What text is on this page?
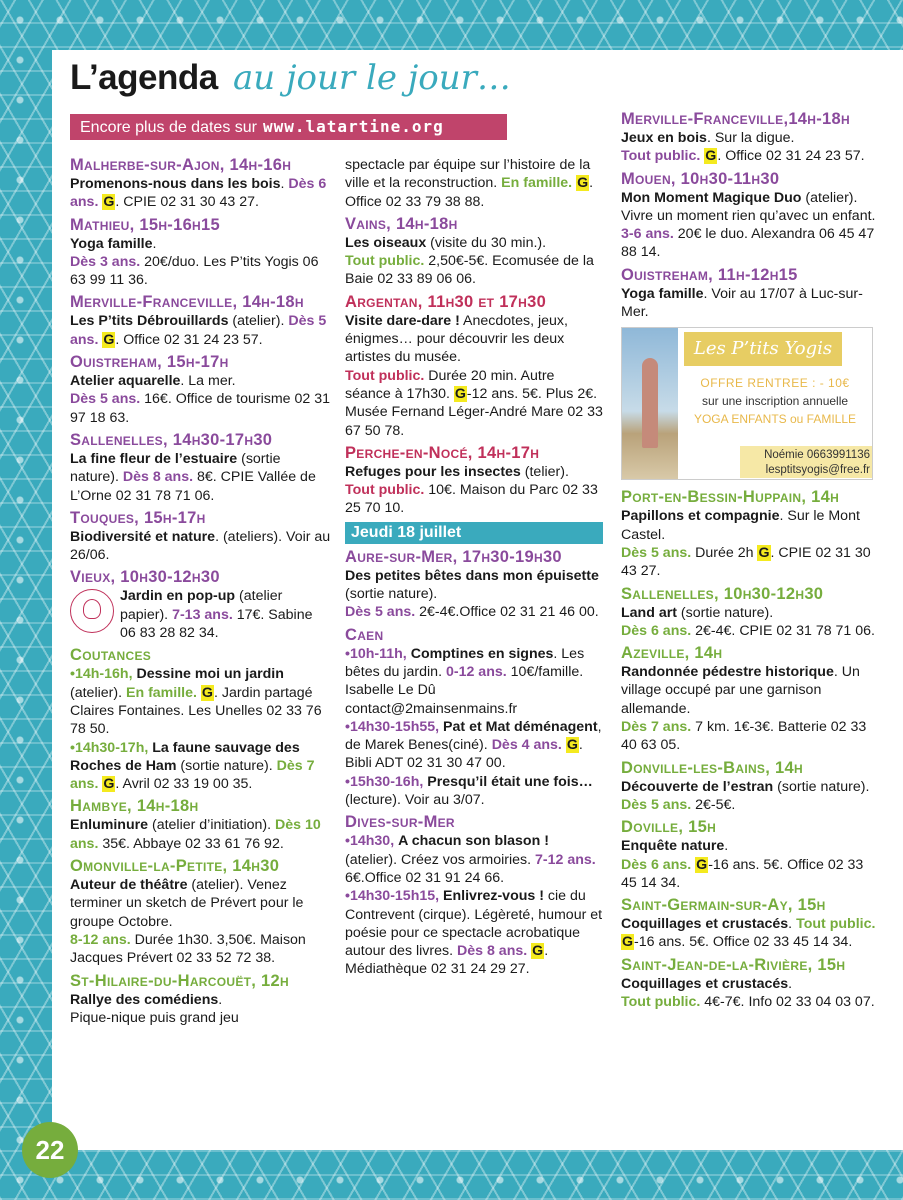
L’agenda au jour le jour…
Encore plus de dates sur www.latartine.org
Malherbe-sur-Ajon, 14h-16h
Promenons-nous dans les bois. Dès 6 ans. G. CPIE 02 31 30 43 27.
Mathieu, 15h-16h15
Yoga famille.
Dès 3 ans. 20€/duo. Les P’tits Yogis 06 63 99 11 36.
Merville-Franceville, 14h-18h
Les P’tits Débrouillards (atelier). Dès 5 ans. G. Office 02 31 24 23 57.
Ouistreham, 15h-17h
Atelier aquarelle. La mer.
Dès 5 ans. 16€. Office de tourisme 02 31 97 18 63.
Sallenelles, 14h30-17h30
La fine fleur de l’estuaire (sortie nature). Dès 8 ans. 8€. CPIE Vallée de L’Orne 02 31 78 71 06.
Touques, 15h-17h
Biodiversité et nature. (ateliers). Voir au 26/06.
Vieux, 10h30-12h30
Jardin en pop-up (atelier papier). 7-13 ans. 17€. Sabine 06 83 28 82 34.
Coutances
•14h-16h, Dessine moi un jardin (atelier). En famille. G. Jardin partagé Claires Fontaines. Les Unelles 02 33 76 78 50.
•14h30-17h, La faune sauvage des Roches de Ham (sortie nature). Dès 7 ans. G. Avril 02 33 19 00 35.
Hambye, 14h-18h
Enluminure (atelier d’initiation). Dès 10 ans. 35€. Abbaye 02 33 61 76 92.
Omonville-la-Petite, 14h30
Auteur de théâtre (atelier). Venez terminer un sketch de Prévert pour le groupe Octobre.
8-12 ans. Durée 1h30. 3,50€. Maison Jacques Prévert 02 33 52 72 38.
St-Hilaire-du-Harcouët, 12h
Rallye des comédiens.
Pique-nique puis grand jeu
spectacle par équipe sur l’histoire de la ville et la reconstruction. En famille. G. Office 02 33 79 38 88.
Vains, 14h-18h
Les oiseaux (visite du 30 min.).
Tout public. 2,50€-5€. Ecomusée de la Baie 02 33 89 06 06.
Argentan, 11h30 et 17h30
Visite dare-dare ! Anecdotes, jeux, énigmes… pour découvrir les deux artistes du musée.
Tout public. Durée 20 min. Autre séance à 17h30. G-12 ans. 5€. Plus 2€. Musée Fernand Léger-André Mare 02 33 67 50 78.
Perche-en-Nocé, 14h-17h
Refuges pour les insectes (telier).
Tout public. 10€. Maison du Parc 02 33 25 70 10.
Jeudi 18 juillet
Aure-sur-Mer, 17h30-19h30
Des petites bêtes dans mon épuisette (sortie nature).
Dès 5 ans. 2€-4€.Office 02 31 21 46 00.
Caen
•10h-11h, Comptines en signes. Les bêtes du jardin. 0-12 ans. 10€/famille. Isabelle Le Dû contact@2mainsenmains.fr
•14h30-15h55, Pat et Mat déménagent, de Marek Benes(ciné). Dès 4 ans. G. Bibli ADT 02 31 30 47 00.
•15h30-16h, Presqu’il était une fois… (lecture). Voir au 3/07.
Dives-sur-Mer
•14h30, A chacun son blason ! (atelier). Créez vos armoiries. 7-12 ans. 6€.Office 02 31 91 24 66.
•14h30-15h15, Enlivrez-vous ! cie du Contrevent (cirque). Légèreté, humour et poésie pour ce spectacle acrobatique autour des livres. Dès 8 ans. G. Médiathèque 02 31 24 29 27.
Merville-Franceville,14h-18h
Jeux en bois. Sur la digue.
Tout public. G. Office 02 31 24 23 57.
Mouen, 10h30-11h30
Mon Moment Magique Duo (atelier). Vivre un moment rien qu’avec un enfant.
3-6 ans. 20€ le duo. Alexandra 06 45 47 88 14.
Ouistreham, 11h-12h15
Yoga famille. Voir au 17/07 à Luc-sur-Mer.
Les P’tits Yogis
OFFRE RENTREE : - 10€
sur une inscription annuelle
YOGA ENFANTS ou FAMILLE
Noémie 0663991136
lesptitsyogis@free.fr
Port-en-Bessin-Huppain, 14h
Papillons et compagnie. Sur le Mont Castel.
Dès 5 ans. Durée 2h G. CPIE 02 31 30 43 27.
Sallenelles, 10h30-12h30
Land art (sortie nature).
Dès 6 ans. 2€-4€. CPIE 02 31 78 71 06.
Azeville, 14h
Randonnée pédestre historique. Un village occupé par une garnison allemande.
Dès 7 ans. 7 km. 1€-3€. Batterie 02 33 40 63 05.
Donville-les-Bains, 14h
Découverte de l’estran (sortie nature). Dès 5 ans. 2€-5€.
Doville, 15h
Enquête nature.
Dès 6 ans. G-16 ans. 5€. Office 02 33 45 14 34.
Saint-Germain-sur-Ay, 15h
Coquillages et crustacés. Tout public. G-16 ans. 5€. Office 02 33 45 14 34.
Saint-Jean-de-la-Rivière, 15h
Coquillages et crustacés.
Tout public. 4€-7€. Info 02 33 04 03 07.
22
